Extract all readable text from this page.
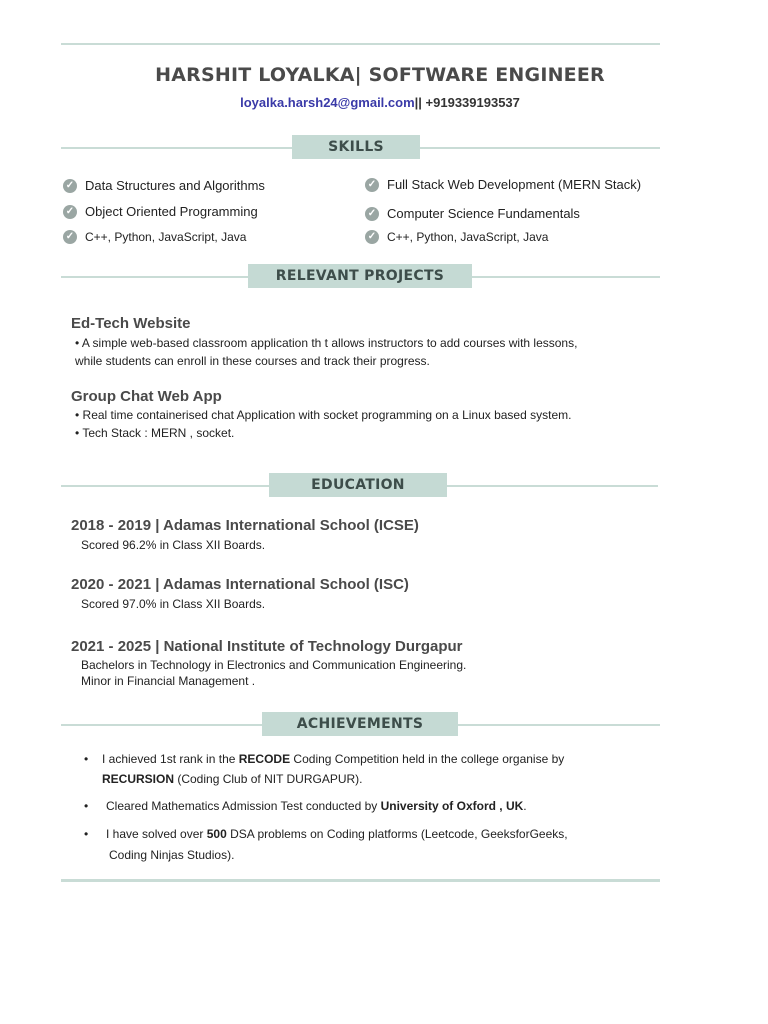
HARSHIT LOYALKA| SOFTWARE ENGINEER
loyalka.harsh24@gmail.com|| +919339193537
SKILLS
✓ Data Structures and Algorithms
✓ Object Oriented Programming
✓ C++, Python, JavaScript, Java
✓ Full Stack Web Development (MERN Stack)
✓ Computer Science Fundamentals
✓ C++, Python, JavaScript, Java
RELEVANT PROJECTS
Ed-Tech Website
• A simple web-based classroom application th t allows instructors to add courses with lessons,
while students can enroll in these courses and track their progress.
Group Chat Web App
• Real time containerised chat Application with socket programming on a Linux based system.
• Tech Stack : MERN , socket.
EDUCATION
2018 - 2019 | Adamas International School (ICSE)
Scored 96.2% in Class XII Boards.
2020 - 2021 | Adamas International School (ISC)
Scored 97.0% in Class XII Boards.
2021 - 2025 | National Institute of Technology Durgapur
Bachelors in Technology in Electronics and Communication Engineering.
Minor in Financial Management .
ACHIEVEMENTS
• I achieved 1st rank in the RECODE Coding Competition held in the college organise by
RECURSION (Coding Club of NIT DURGAPUR).
• Cleared Mathematics Admission Test conducted by University of Oxford , UK.
• I have solved over 500 DSA problems on Coding platforms (Leetcode, GeeksforGeeks,
Coding Ninjas Studios).
